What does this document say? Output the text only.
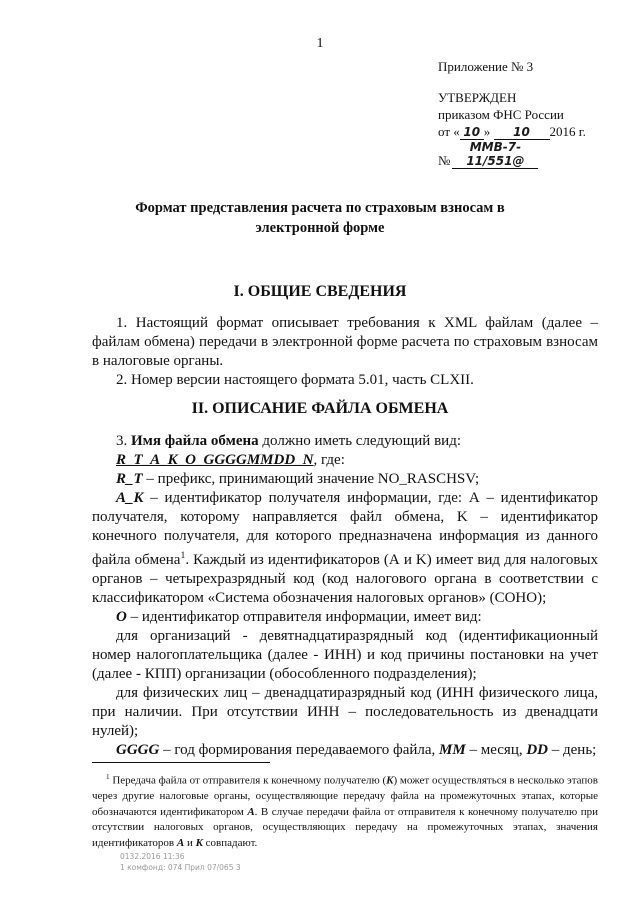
1
Приложение № 3
УТВЕРЖДЕН
приказом ФНС России
от « 10 » 10 2016 г.
№ММВ-7-11/551@
Формат представления расчета по страховым взносам в
электронной форме
I. ОБЩИЕ СВЕДЕНИЯ

1. Настоящий формат описывает требования к XML файлам (далее – файлам обмена) передачи в электронной форме расчета по страховым взносам в налоговые органы.

2. Номер версии настоящего формата 5.01, часть CLXII.

II. ОПИСАНИЕ ФАЙЛА ОБМЕНА

3. Имя файла обмена должно иметь следующий вид:

R_T_A_K_O_GGGGMMDD_N, где:

R_T – префикс, принимающий значение NO_RASCHSV;

A_K – идентификатор получателя информации, где: А – идентификатор получателя, которому направляется файл обмена, K – идентификатор конечного получателя, для которого предназначена информация из данного файла обмена$^1$. Каждый из идентификаторов (А и K) имеет вид для налоговых органов – четырехразрядный код (код налогового органа в соответствии с классификатором «Система обозначения налоговых органов» (СОНО);

O – идентификатор отправителя информации, имеет вид:

для организаций - девятнадцатиразрядный код (идентификационный номер налогоплательщика (далее - ИНН) и код причины постановки на учет (далее - КПП) организации (обособленного подразделения);

для физических лиц – двенадцатиразрядный код (ИНН физического лица, при наличии. При отсутствии ИНН – последовательность из двенадцати нулей);

GGGG – год формирования передаваемого файла, MM – месяц, DD – день;

$^1$ Передача файла от отправителя к конечному получателю (K) может осуществляться в несколько этапов через другие налоговые органы, осуществляющие передачу файла на промежуточных этапах, которые обозначаются идентификатором А. В случае передачи файла от отправителя к конечному получателю при отсутствии налоговых органов, осуществляющих передачу на промежуточных этапах, значения идентификаторов А и K совпадают.
0132.2016 11:36
1 комфонд: 074 Прил 07/065 3
